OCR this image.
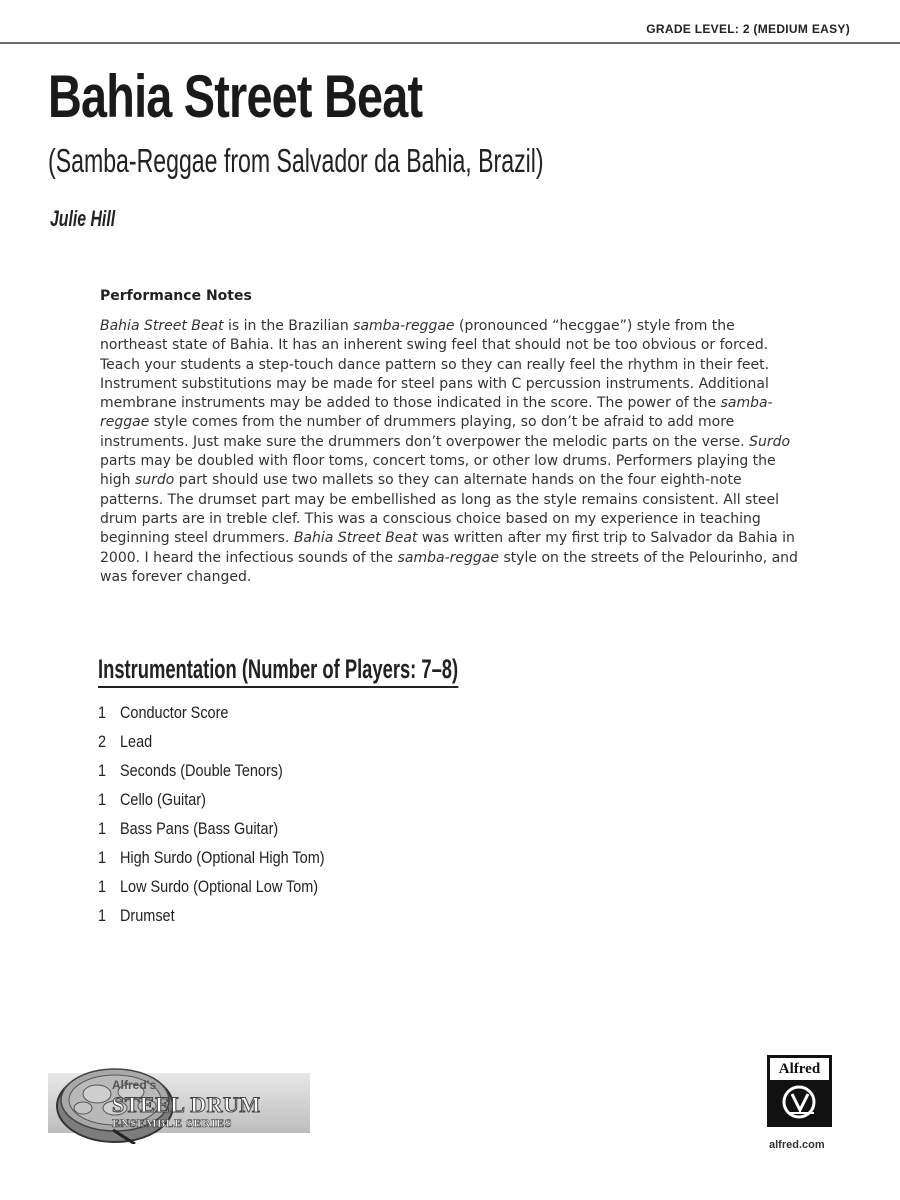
GRADE LEVEL: 2 (MEDIUM EASY)
Bahia Street Beat
(Samba-Reggae from Salvador da Bahia, Brazil)
Julie Hill
Performance Notes

Bahia Street Beat is in the Brazilian samba-reggae (pronounced “hecggae”) style from the northeast state of Bahia. It has an inherent swing feel that should not be too obvious or forced. Teach your students a step-touch dance pattern so they can really feel the rhythm in their feet. Instrument substitutions may be made for steel pans with C percussion instruments. Additional membrane instruments may be added to those indicated in the score. The power of the samba-reggae style comes from the number of drummers playing, so don’t be afraid to add more instruments. Just make sure the drummers don’t overpower the melodic parts on the verse. Surdo parts may be doubled with floor toms, concert toms, or other low drums. Performers playing the high surdo part should use two mallets so they can alternate hands on the four eighth-note patterns. The drumset part may be embellished as long as the style remains consistent. All steel drum parts are in treble clef. This was a conscious choice based on my experience in teaching beginning steel drummers. Bahia Street Beat was written after my first trip to Salvador da Bahia in 2000. I heard the infectious sounds of the samba-reggae style on the streets of the Pelourinho, and was forever changed.

Instrumentation (Number of Players: 7–8)
1 Conductor Score
2 Lead
1 Seconds (Double Tenors)
1 Cello (Guitar)
1 Bass Pans (Bass Guitar)
1 High Surdo (Optional High Tom)
1 Low Surdo (Optional Low Tom)
1 Drumset
Alfred's
STEEL DRUM
ENSEMBLE SERIES
Alfred
alfred.com
